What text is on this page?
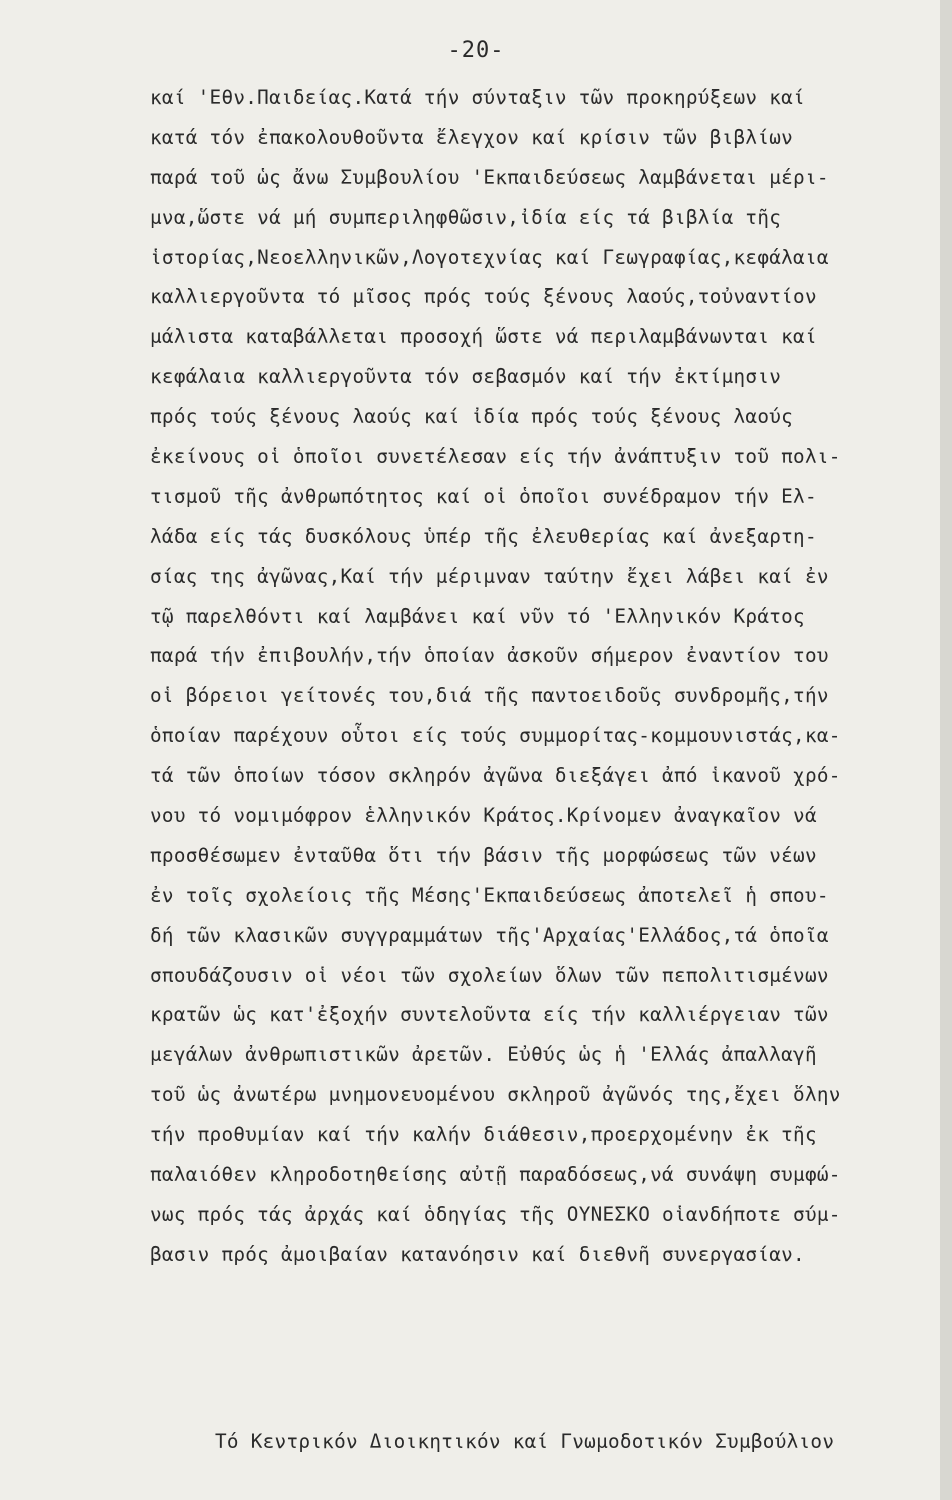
-20-
καί 'Εθν.Παιδείας.Κατά τήν σύνταξιν τῶν προκηρύξεων καί
κατά τόν ἐπακολουθοῦντα ἔλεγχον καί κρίσιν τῶν βιβλίων
παρά τοῦ ὡς ἄνω Συμβουλίου 'Εκπαιδεύσεως λαμβάνεται μέρι-
μνα,ὥστε νά μή συμπεριληφθῶσιν,ἰδία είς τά βιβλία τῆς
ἱστορίας,Νεοελληνικῶν,Λογοτεχνίας καί Γεωγραφίας,κεφάλαια
καλλιεργοῦντα τό μῖσος πρός τούς ξένους λαούς,τοὐναντίον
μάλιστα καταβάλλεται προσοχή ὥστε νά περιλαμβάνωνται καί
κεφάλαια καλλιεργοῦντα τόν σεβασμόν καί τήν ἐκτίμησιν
πρός τούς ξένους λαούς καί ἰδία πρός τούς ξένους λαούς
ἐκείνους οἱ ὁποῖοι συνετέλεσαν είς τήν ἀνάπτυξιν τοῦ πολι-
τισμοῦ τῆς ἀνθρωπότητος καί οἱ ὁποῖοι συνέδραμον τήν Ελ-
λάδα είς τάς δυσκόλους ὑπέρ τῆς ἐλευθερίας καί ἀνεξαρτη-
σίας της ἀγῶνας,Καί τήν μέριμναν ταύτην ἔχει λάβει καί ἐν
τῷ παρελθόντι καί λαμβάνει καί νῦν τό 'Ελληνικόν Κράτος
παρά τήν ἐπιβουλήν,τήν ὁποίαν ἀσκοῦν σήμερον ἐναντίον του
οἱ βόρειοι γείτονές του,διά τῆς παντοειδοῦς συνδρομῆς,τήν
ὁποίαν παρέχουν οὗτοι είς τούς συμμορίτας-κομμουνιστάς,κα-
τά τῶν ὁποίων τόσον σκληρόν ἀγῶνα διεξάγει ἀπό ἱκανοῦ χρό-
νου τό νομιμόφρον ἑλληνικόν Κράτος.Κρίνομεν ἀναγκαῖον νά
προσθέσωμεν ἐνταῦθα ὅτι τήν βάσιν τῆς μορφώσεως τῶν νέων
ἐν τοῖς σχολείοις τῆς Μέσης'Εκπαιδεύσεως ἀποτελεῖ ἡ σπου-
δή τῶν κλασικῶν συγγραμμάτων τῆς'Αρχαίας'Ελλάδος,τά ὁποῖα
σπουδάζουσιν οἱ νέοι τῶν σχολείων ὅλων τῶν πεπολιτισμένων
κρατῶν ὡς κατ'ἐξοχήν συντελοῦντα είς τήν καλλιέργειαν τῶν
μεγάλων ἀνθρωπιστικῶν ἀρετῶν. Εὐθύς ὡς ἡ 'Ελλάς ἀπαλλαγῆ
τοῦ ὡς ἀνωτέρω μνημονευομένου σκληροῦ ἀγῶνός της,ἔχει ὅλην
τήν προθυμίαν καί τήν καλήν διάθεσιν,προερχομένην ἐκ τῆς
παλαιόθεν κληροδοτηθείσης αὐτῇ παραδόσεως,νά συνάψη συμφώ-
νως πρός τάς ἀρχάς καί ὁδηγίας τῆς ΟΥΝΕΣΚΟ οἱανδήποτε σύμ-
βασιν πρός ἀμοιβαίαν κατανόησιν καί διεθνῆ συνεργασίαν.
Τό Κεντρικόν Διοικητικόν καί Γνωμοδοτικόν Συμβούλιον
